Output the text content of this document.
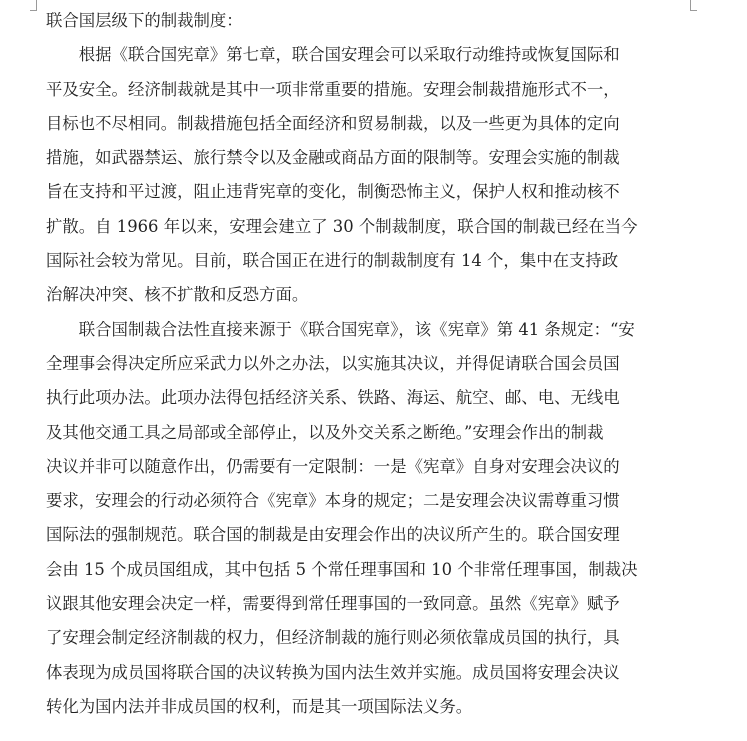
联合国层级下的制裁制度：
　　根据《联合国宪章》第七章，联合国安理会可以采取行动维持或恢复国际和
平及安全。经济制裁就是其中一项非常重要的措施。安理会制裁措施形式不一，
目标也不尽相同。制裁措施包括全面经济和贸易制裁，以及一些更为具体的定向
措施，如武器禁运、旅行禁令以及金融或商品方面的限制等。安理会实施的制裁
旨在支持和平过渡，阻止违背宪章的变化，制衡恐怖主义，保护人权和推动核不
扩散。自 1966 年以来，安理会建立了 30 个制裁制度，联合国的制裁已经在当今
国际社会较为常见。目前，联合国正在进行的制裁制度有 14 个，集中在支持政
治解决冲突、核不扩散和反恐方面。
　　联合国制裁合法性直接来源于《联合国宪章》，该《宪章》第 41 条规定：“安
全理事会得决定所应采武力以外之办法，以实施其决议，并得促请联合国会员国
执行此项办法。此项办法得包括经济关系、铁路、海运、航空、邮、电、无线电
及其他交通工具之局部或全部停止，以及外交关系之断绝。”安理会作出的制裁
决议并非可以随意作出，仍需要有一定限制：一是《宪章》自身对安理会决议的
要求，安理会的行动必须符合《宪章》本身的规定；二是安理会决议需尊重习惯
国际法的强制规范。联合国的制裁是由安理会作出的决议所产生的。联合国安理
会由 15 个成员国组成，其中包括 5 个常任理事国和 10 个非常任理事国，制裁决
议跟其他安理会决定一样，需要得到常任理事国的一致同意。虽然《宪章》赋予
了安理会制定经济制裁的权力，但经济制裁的施行则必须依靠成员国的执行，具
体表现为成员国将联合国的决议转换为国内法生效并实施。成员国将安理会决议
转化为国内法并非成员国的权利，而是其一项国际法义务。
